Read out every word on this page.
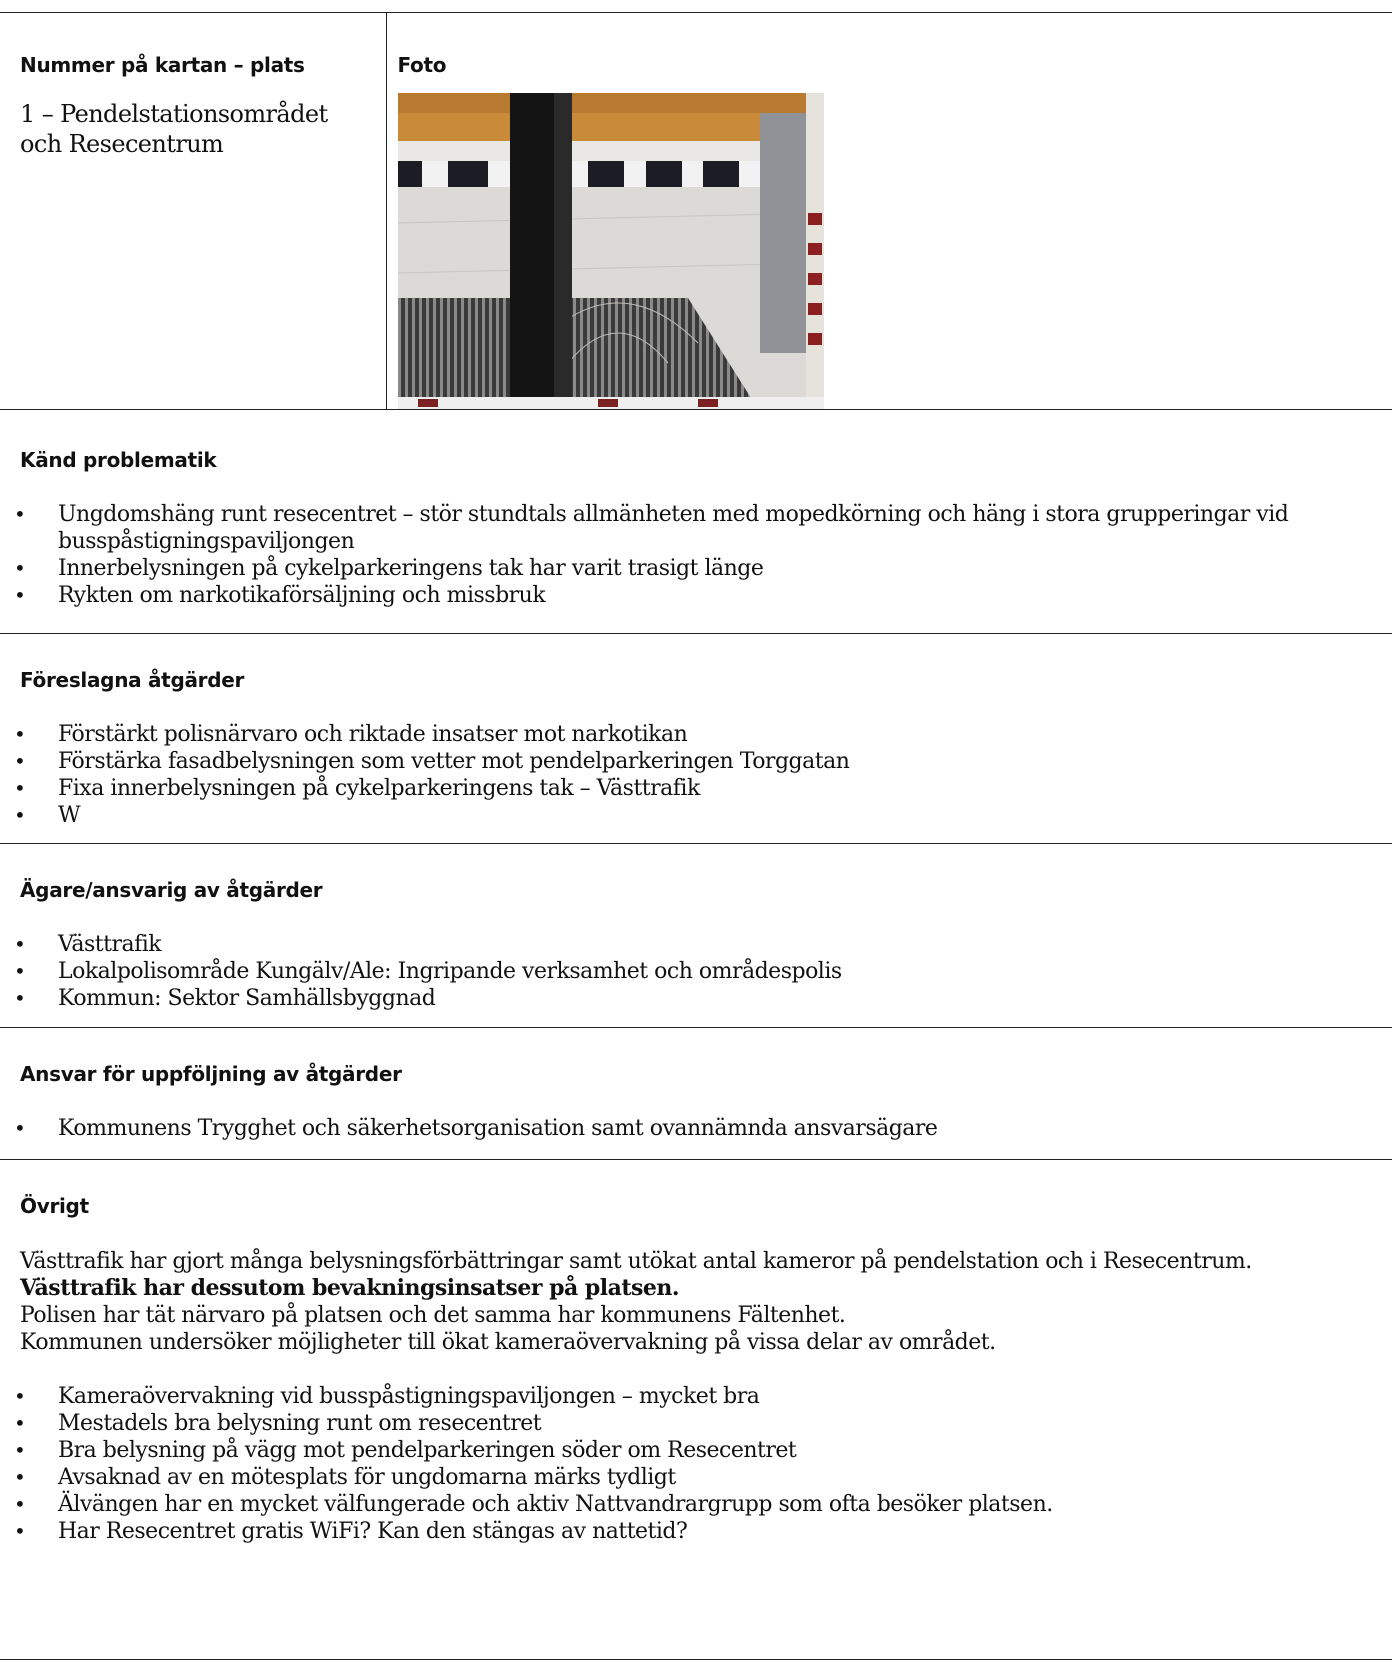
Nummer på kartan – plats

1 – Pendelstationsområdet och Resecentrum

Foto

Känd problematik

• Ungdomshäng runt resecentret – stör stundtals allmänheten med mopedkörning och häng i stora grupperingar vid busspåstigningspaviljongen
• Innerbelysningen på cykelparkeringens tak har varit trasigt länge
• Rykten om narkotikaförsäljning och missbruk

Föreslagna åtgärder

• Förstärkt polisnärvaro och riktade insatser mot narkotikan
• Förstärka fasadbelysningen som vetter mot pendelparkeringen Torggatan
• Fixa innerbelysningen på cykelparkeringens tak – Västtrafik
• W

Ägare/ansvarig av åtgärder

• Västtrafik
• Lokalpolisområde Kungälv/Ale: Ingripande verksamhet och områdespolis
• Kommun: Sektor Samhällsbyggnad

Ansvar för uppföljning av åtgärder

• Kommunens Trygghet och säkerhetsorganisation samt ovannämnda ansvarsägare

Övrigt

Västtrafik har gjort många belysningsförbättringar samt utökat antal kameror på pendelstation och i Resecentrum.

Västtrafik har dessutom bevakningsinsatser på platsen.

Polisen har tät närvaro på platsen och det samma har kommunens Fältenhet.

Kommunen undersöker möjligheter till ökat kameraövervakning på vissa delar av området.

• Kameraövervakning vid busspåstigningspaviljongen – mycket bra
• Mestadels bra belysning runt om resecentret
• Bra belysning på vägg mot pendelparkeringen söder om Resecentret
• Avsaknad av en mötesplats för ungdomarna märks tydligt
• Älvängen har en mycket välfungerade och aktiv Nattvandrargrupp som ofta besöker platsen.
• Har Resecentret gratis WiFi? Kan den stängas av nattetid?
